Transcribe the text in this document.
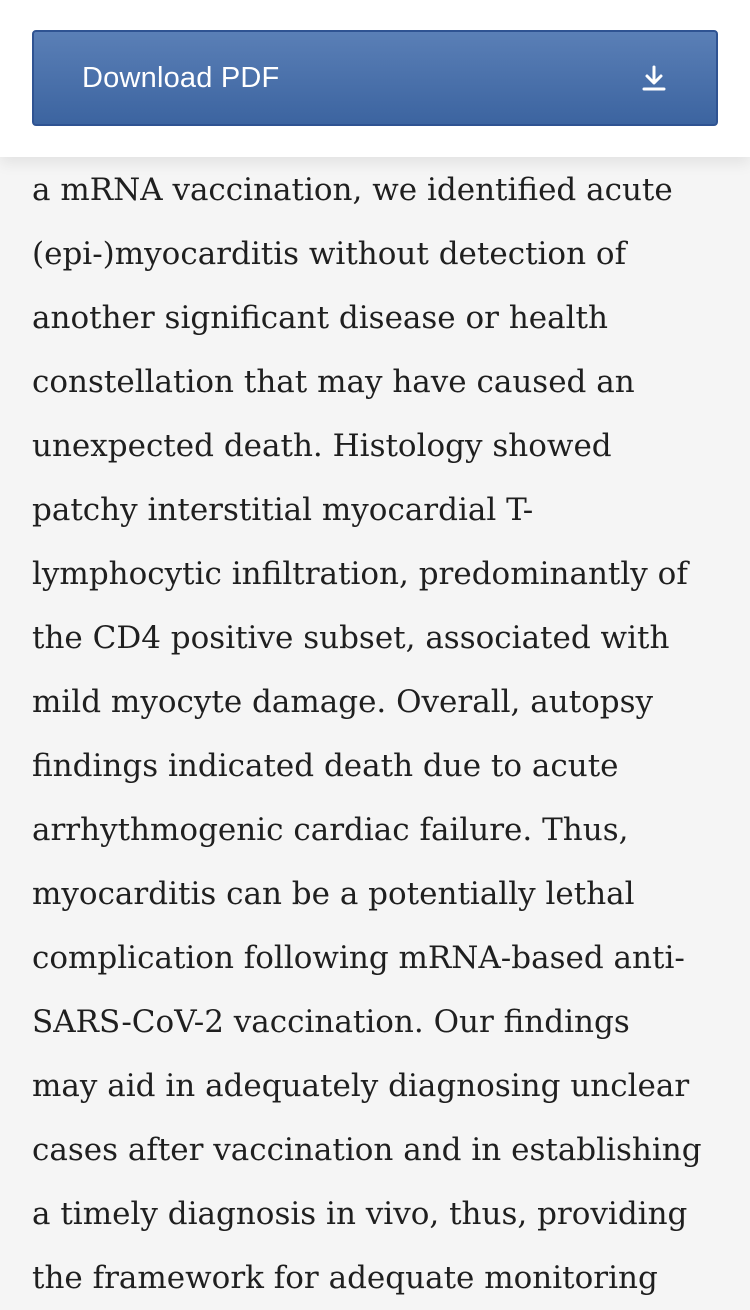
Download PDF
a mRNA vaccination, we identified acute
(epi-)myocarditis without detection of
another significant disease or health
constellation that may have caused an
unexpected death. Histology showed
patchy interstitial myocardial T-
lymphocytic infiltration, predominantly of
the CD4 positive subset, associated with
mild myocyte damage. Overall, autopsy
findings indicated death due to acute
arrhythmogenic cardiac failure. Thus,
myocarditis can be a potentially lethal
complication following mRNA-based anti-
SARS-CoV-2 vaccination. Our findings
may aid in adequately diagnosing unclear
cases after vaccination and in establishing
a timely diagnosis in vivo, thus, providing
the framework for adequate monitoring
